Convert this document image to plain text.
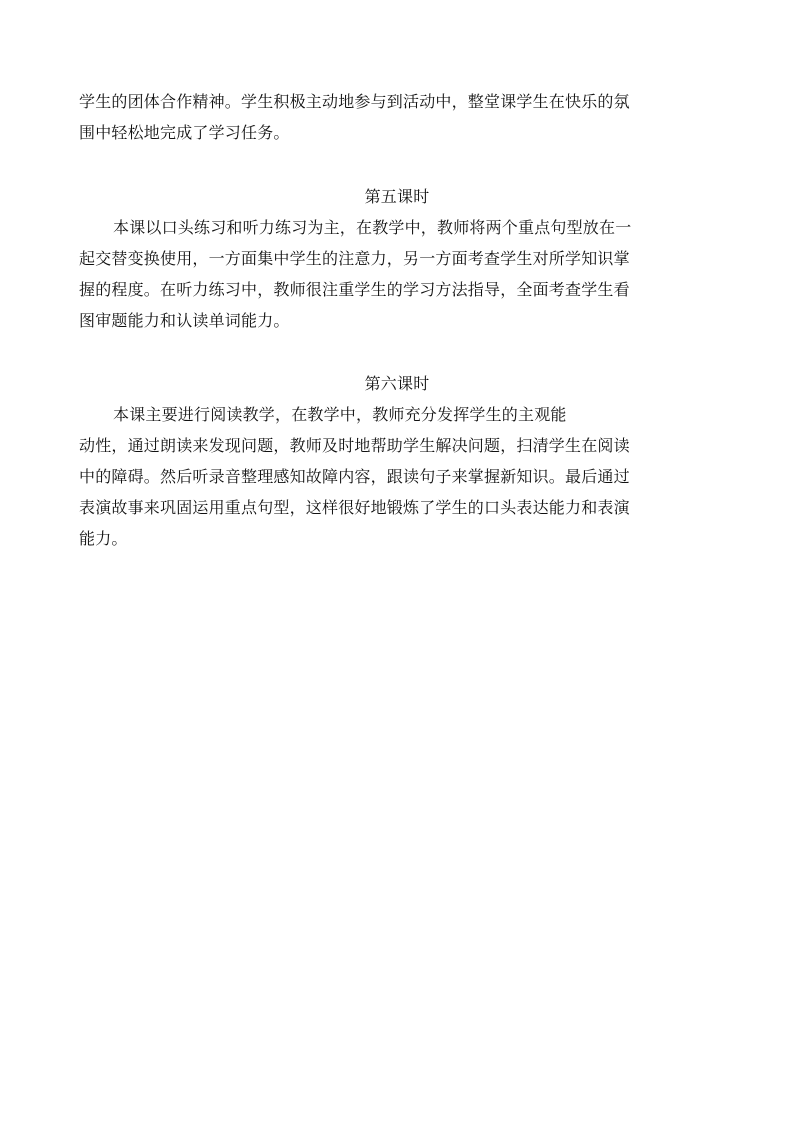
学生的团体合作精神。学生积极主动地参与到活动中，整堂课学生在快乐的氛
围中轻松地完成了学习任务。

第五课时

本课以口头练习和听力练习为主，在教学中，教师将两个重点句型放在一
起交替变换使用，一方面集中学生的注意力，另一方面考查学生对所学知识掌
握的程度。在听力练习中，教师很注重学生的学习方法指导，全面考查学生看
图审题能力和认读单词能力。

第六课时

本课主要进行阅读教学，在教学中，教师充分发挥学生的主观能
动性，通过朗读来发现问题，教师及时地帮助学生解决问题，扫清学生在阅读
中的障碍。然后听录音整理感知故障内容，跟读句子来掌握新知识。最后通过
表演故事来巩固运用重点句型，这样很好地锻炼了学生的口头表达能力和表演
能力。
